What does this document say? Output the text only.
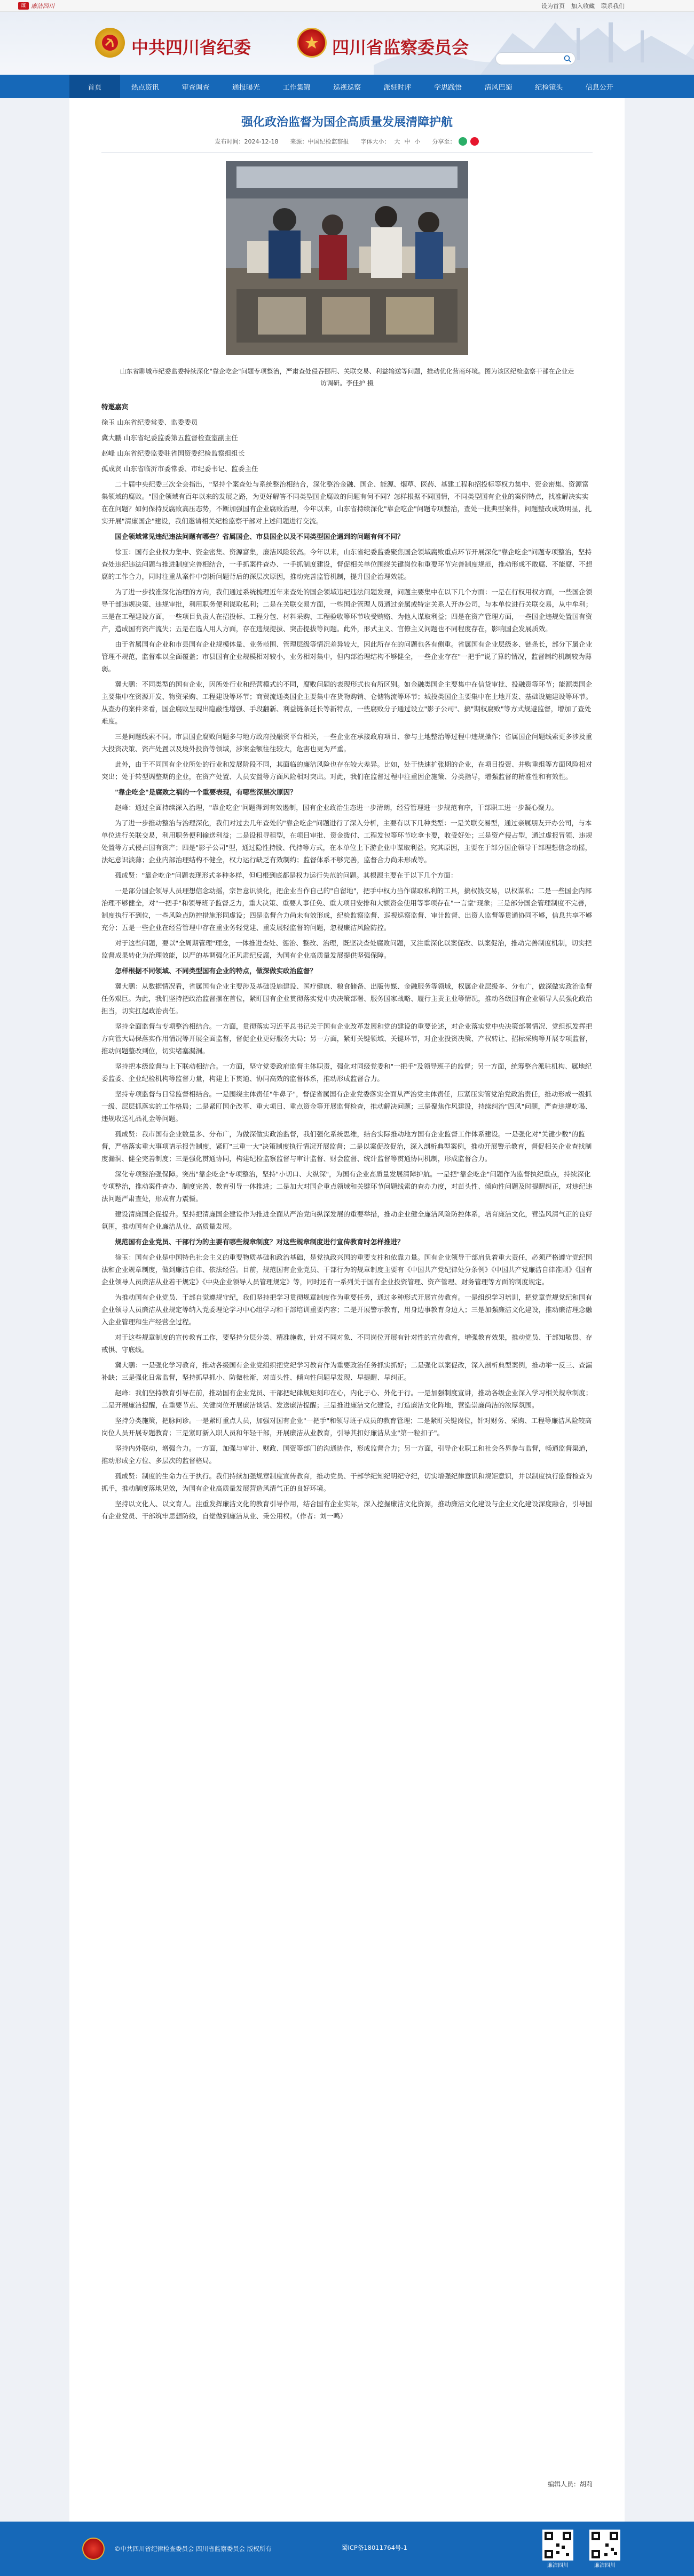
廉 廉洁四川	设为首页 加入收藏 联系我们
中共四川省纪委	四川省监察委员会
首页	热点资讯	审查调查	通报曝光	工作集锦	巡视巡察	派驻时评	学思践悟	清风巴蜀	纪检镜头	信息公开
强化政治监督为国企高质量发展清障护航
发布时间：2024-12-18 来源：中国纪检监察报 字体大小： 大 中 小 分享至：

山东省聊城市纪委监委持续深化"靠企吃企"问题专项整治，严肃查处侵吞挪用、关联交易、利益输送等问题，推动优化营商环境。图为该区纪检监察干部在企业走访调研。李佳护 摄

特邀嘉宾

徐玉 山东省纪委常委、监委委员

冀大鹏 山东省纪委监委第五监督检查室副主任

赵峰 山东省纪委监委驻省国资委纪检监察组组长

孤成贤 山东省临沂市委常委、市纪委书记、监委主任

二十届中央纪委三次全会指出，"坚持个案查处与系统整治相结合，深化整治金融、国企、能源、烟草、医药、基建工程和招投标等权力集中、资金密集、资源富集领域的腐败。"国企领域有百年以来的发展之路，为更好解答不同类型国企腐败的问题有何不同？怎样根据不同国情，不同类型国有企业的案例特点，找准解决实实在在问题？如何保持反腐败高压态势，不断加强国有企业腐败治理，今年以来，山东省持续深化"靠企吃企"问题专项整治，查处一批典型案件，问题整改成效明显，扎实开展"清廉国企"建设，我们邀请相关纪检监察干部对上述问题进行交流。

国企领域常见违纪违法问题有哪些？省属国企、市县国企以及不同类型国企遇到的问题有何不同？

徐玉：国有企业权力集中、资金密集、资源富集，廉洁风险较高。今年以来，山东省纪委监委聚焦国企领域腐败重点环节开展深化"靠企吃企"问题专项整治，坚持查处违纪违法问题与推进制度完善相结合，一手抓案件查办、一手抓制度建设，督促相关单位围绕关键岗位和重要环节完善制度规范，推动形成不敢腐、不能腐、不想腐的工作合力，同时注重从案件中剖析问题背后的深层次原因，推动完善监管机制，提升国企治理效能。

为了进一步找准深化治理的方向，我们通过系统梳理近年来查处的国企领域违纪违法问题发现，问题主要集中在以下几个方面：一是在行权用权方面，一些国企领导干部违规决策、违规审批，利用职务便利谋取私利；二是在关联交易方面，一些国企管理人员通过亲属或特定关系人开办公司，与本单位进行关联交易，从中牟利；三是在工程建设方面，一些项目负责人在招投标、工程分包、材料采购、工程验收等环节收受贿赂、为他人谋取利益；四是在资产管理方面，一些国企违规处置国有资产，造成国有资产流失；五是在选人用人方面，存在违规提拔、突击提拔等问题。此外，形式主义、官僚主义问题也不同程度存在，影响国企发展质效。

由于省属国有企业和市县国有企业规模体量、业务范围、管理层级等情况差异较大，因此所存在的问题也各有侧重。省属国有企业层级多、链条长，部分下属企业管理不规范，监督难以全面覆盖；市县国有企业规模相对较小，业务相对集中，但内部治理结构不够健全，一些企业存在"一把手"说了算的情况，监督制约机制较为薄弱。

冀大鹏：不同类型的国有企业，因所处行业和经营模式的不同，腐败问题的表现形式也有所区别。如金融类国企主要集中在信贷审批、投融资等环节；能源类国企主要集中在资源开发、物资采购、工程建设等环节；商贸流通类国企主要集中在货物购销、仓储物流等环节；城投类国企主要集中在土地开发、基础设施建设等环节。从查办的案件来看，国企腐败呈现出隐蔽性增强、手段翻新、利益链条延长等新特点，一些腐败分子通过设立"影子公司"、搞"期权腐败"等方式规避监督，增加了查处难度。

三是问题线索不同。市县国企腐败问题多与地方政府投融资平台相关，一些企业在承接政府项目、参与土地整治等过程中违规操作；省属国企问题线索更多涉及重大投资决策、资产处置以及境外投资等领域，涉案金额往往较大，危害也更为严重。

此外，由于不同国有企业所处的行业和发展阶段不同，其面临的廉洁风险也存在较大差异。比如，处于快速扩张期的企业，在项目投资、并购重组等方面风险相对突出；处于转型调整期的企业，在资产处置、人员安置等方面风险相对突出。对此，我们在监督过程中注重因企施策、分类指导，增强监督的精准性和有效性。

"靠企吃企"是腐败之祸的一个重要表现，有哪些深层次原因？

赵峰：通过全面持续深入治理，"靠企吃企"问题得到有效遏制，国有企业政治生态进一步清朗，经营管理进一步规范有序，干部职工进一步凝心聚力。

为了进一步推动整治与治理深化，我们对过去几年查处的"靠企吃企"问题进行了深入分析，主要有以下几种类型：一是关联交易型，通过亲属朋友开办公司，与本单位进行关联交易，利用职务便利输送利益；二是设租寻租型，在项目审批、资金拨付、工程发包等环节吃拿卡要，收受好处；三是资产侵占型，通过虚报冒领、违规处置等方式侵占国有资产；四是"影子公司"型，通过隐性持股、代持等方式，在本单位上下游企业中谋取利益。究其原因，主要在于部分国企领导干部理想信念动摇，法纪意识淡薄；企业内部治理结构不健全，权力运行缺乏有效制约；监督体系不够完善，监督合力尚未形成等。

孤成贤："靠企吃企"问题表现形式多种多样，但归根到底都是权力运行失范的问题。其根源主要在于以下几个方面：

一是部分国企领导人员理想信念动摇，宗旨意识淡化，把企业当作自己的"自留地"，把手中权力当作谋取私利的工具，搞权钱交易，以权谋私；二是一些国企内部治理不够健全，对"一把手"和领导班子监督乏力，重大决策、重要人事任免、重大项目安排和大额资金使用等事项存在"一言堂"现象；三是部分国企管理制度不完善，制度执行不到位，一些风险点防控措施形同虚设；四是监督合力尚未有效形成，纪检监察监督、巡视巡察监督、审计监督、出资人监督等贯通协同不够，信息共享不够充分；五是一些企业在经营管理中存在重业务轻党建、重发展轻监督的问题，忽视廉洁风险防控。

对于这些问题，要以"全周期管理"理念，一体推进查处、惩治、整改、治理，既坚决查处腐败问题，又注重深化以案促改、以案促治，推动完善制度机制，切实把监督成果转化为治理效能，以严的基调强化正风肃纪反腐，为国有企业高质量发展提供坚强保障。

怎样根据不同领域、不同类型国有企业的特点，做深做实政治监督？

冀大鹏：从数据情况看，省属国有企业主要涉及基础设施建设、医疗健康、粮食储备、出版传媒、金融服务等领域，权属企业层级多、分布广，做深做实政治监督任务艰巨。为此，我们坚持把政治监督摆在首位，紧盯国有企业贯彻落实党中央决策部署、服务国家战略、履行主责主业等情况，推动各级国有企业领导人员强化政治担当，切实扛起政治责任。

坚持全面监督与专项整治相结合。一方面，贯彻落实习近平总书记关于国有企业改革发展和党的建设的重要论述，对企业落实党中央决策部署情况、党组织发挥把方向管大局保落实作用情况等开展全面监督，督促企业更好服务大局；另一方面，紧盯关键领域、关键环节，对企业投资决策、产权转让、招标采购等开展专项监督，推动问题整改到位，切实堵塞漏洞。

坚持把本级监督与上下联动相结合。一方面，坚守党委政府监督主体职责，强化对同级党委和"一把手"及领导班子的监督；另一方面，统筹整合派驻机构、属地纪委监委、企业纪检机构等监督力量，构建上下贯通、协同高效的监督体系，推动形成监督合力。

坚持专项监督与日常监督相结合。一是围绕主体责任"牛鼻子"，督促省属国有企业党委落实全面从严治党主体责任，压紧压实管党治党政治责任，推动形成一级抓一级、层层抓落实的工作格局；二是紧盯国企改革、重大项目、重点资金等开展监督检查，推动解决问题；三是聚焦作风建设，持续纠治"四风"问题，严查违规吃喝、违规收送礼品礼金等问题。

孤成贤：我市国有企业数量多、分布广，为做深做实政治监督，我们强化系统思维，结合实际推动地方国有企业监督工作体系建设。一是强化对"关键少数"的监督，严格落实重大事项请示报告制度，紧盯"三重一大"决策制度执行情况开展监督；二是以案促改促治，深入剖析典型案例，推动开展警示教育，督促相关企业查找制度漏洞、健全完善制度；三是强化贯通协同，构建纪检监察监督与审计监督、财会监督、统计监督等贯通协同机制，形成监督合力。

深化专项整治强保障。突出"靠企吃企"专项整治，坚持"小切口、大纵深"，为国有企业高质量发展清障护航。一是把"靠企吃企"问题作为监督执纪重点，持续深化专项整治，推动案件查办、制度完善、教育引导一体推进；二是加大对国企重点领域和关键环节问题线索的查办力度，对苗头性、倾向性问题及时提醒纠正，对违纪违法问题严肃查处，形成有力震慑。

建设清廉国企促提升。坚持把清廉国企建设作为推进全面从严治党向纵深发展的重要举措，推动企业健全廉洁风险防控体系，培育廉洁文化，营造风清气正的良好氛围，推动国有企业廉洁从业、高质量发展。

规范国有企业党员、干部行为的主要有哪些规章制度？对这些规章制度进行宣传教育时怎样推进？

徐玉：国有企业是中国特色社会主义的重要物质基础和政治基础，是党执政兴国的重要支柱和依靠力量。国有企业领导干部肩负着重大责任，必须严格遵守党纪国法和企业规章制度，做到廉洁自律、依法经营。目前，规范国有企业党员、干部行为的规章制度主要有《中国共产党纪律处分条例》《中国共产党廉洁自律准则》《国有企业领导人员廉洁从业若干规定》《中央企业领导人员管理规定》等，同时还有一系列关于国有企业投资管理、资产管理、财务管理等方面的制度规定。

为推动国有企业党员、干部自觉遵规守纪，我们坚持把学习贯彻规章制度作为重要任务，通过多种形式开展宣传教育。一是组织学习培训，把党章党规党纪和国有企业领导人员廉洁从业规定等纳入党委理论学习中心组学习和干部培训重要内容；二是开展警示教育，用身边事教育身边人；三是加强廉洁文化建设，推动廉洁理念融入企业管理和生产经营全过程。

对于这些规章制度的宣传教育工作，要坚持分层分类、精准施教，针对不同对象、不同岗位开展有针对性的宣传教育，增强教育效果，推动党员、干部知敬畏、存戒惧、守底线。

冀大鹏：一是强化学习教育，推动各级国有企业党组织把党纪学习教育作为重要政治任务抓实抓好；二是强化以案促改，深入剖析典型案例，推动举一反三、查漏补缺；三是强化日常监督，坚持抓早抓小、防微杜渐，对苗头性、倾向性问题早发现、早提醒、早纠正。

赵峰：我们坚持教育引导在前，推动国有企业党员、干部把纪律规矩刻印在心，内化于心、外化于行。一是加强制度宣讲，推动各级企业深入学习相关规章制度；二是开展廉洁提醒，在重要节点、关键岗位开展廉洁谈话、发送廉洁提醒；三是推进廉洁文化建设，打造廉洁文化阵地，营造崇廉尚洁的浓厚氛围。

坚持分类施策，把脉问诊。一是紧盯重点人员，加强对国有企业"一把手"和领导班子成员的教育管理；二是紧盯关键岗位，针对财务、采购、工程等廉洁风险较高岗位人员开展专题教育；三是紧盯新入职人员和年轻干部，开展廉洁从业教育，引导其扣好廉洁从业"第一粒扣子"。

坚持内外联动，增强合力。一方面，加强与审计、财政、国资等部门的沟通协作，形成监督合力；另一方面，引导企业职工和社会各界参与监督，畅通监督渠道，推动形成全方位、多层次的监督格局。

孤成贤：制度的生命力在于执行。我们持续加强规章制度宣传教育，推动党员、干部学纪知纪明纪守纪，切实增强纪律意识和规矩意识，并以制度执行监督检查为抓手，推动制度落地见效，为国有企业高质量发展营造风清气正的良好环境。

坚持以文化人、以文育人。注重发挥廉洁文化的教育引导作用，结合国有企业实际，深入挖掘廉洁文化资源，推动廉洁文化建设与企业文化建设深度融合，引导国有企业党员、干部筑牢思想防线，自觉做到廉洁从业、秉公用权。（作者：刘一鸣）

编辑人员：胡莉
©中共四川省纪律检查委员会 四川省监察委员会 版权所有	蜀ICP备18011764号-1
廉洁四川	廉洁四川
